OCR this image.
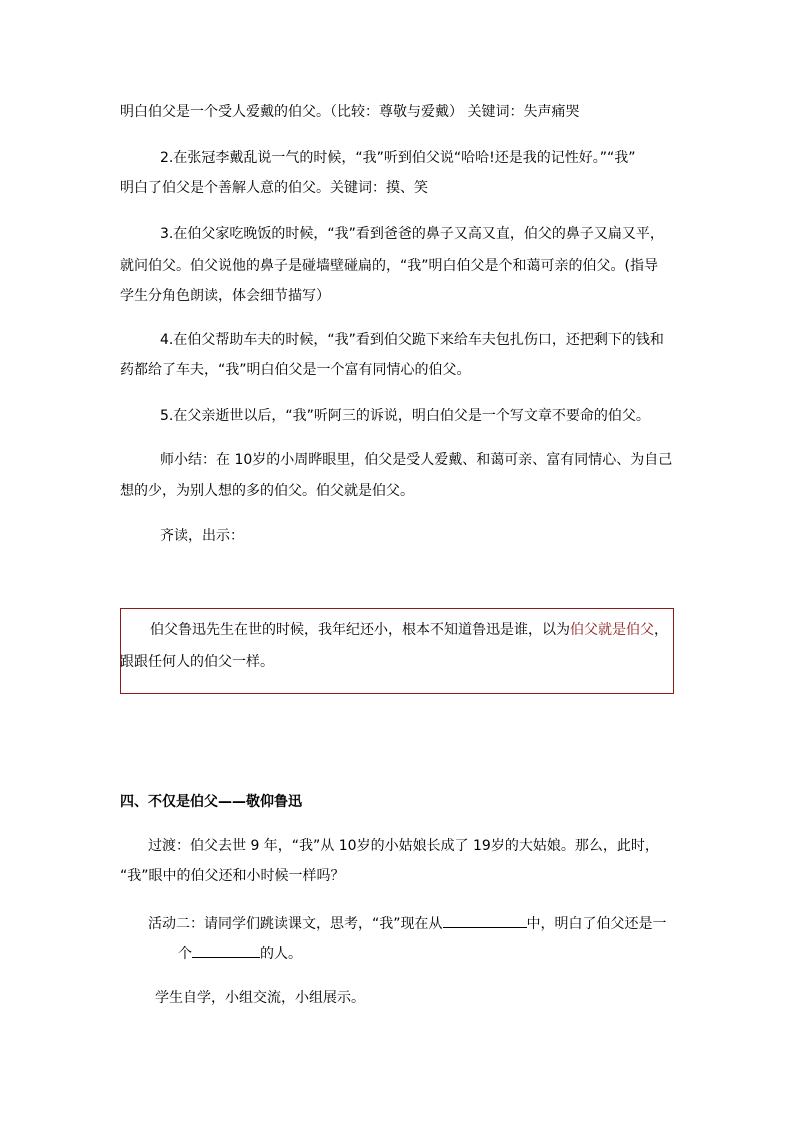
明白伯父是一个受人爱戴的伯父。（比较：尊敬与爱戴） 关键词：失声痛哭
2.在张冠李戴乱说一气的时候，“我”听到伯父说“哈哈!还是我的记性好。”“我”
明白了伯父是个善解人意的伯父。关键词：摸、笑
3.在伯父家吃晚饭的时候，“我”看到爸爸的鼻子又高又直，伯父的鼻子又扁又平，
就问伯父。伯父说他的鼻子是碰墙壁碰扁的，“我”明白伯父是个和蔼可亲的伯父。(指导
学生分角色朗读，体会细节描写）
4.在伯父帮助车夫的时候，“我”看到伯父跪下来给车夫包扎伤口，还把剩下的钱和
药都给了车夫，“我”明白伯父是一个富有同情心的伯父。
5.在父亲逝世以后，“我”听阿三的诉说，明白伯父是一个写文章不要命的伯父。
师小结：在 10岁的小周晔眼里，伯父是受人爱戴、和蔼可亲、富有同情心、为自己
想的少，为别人想的多的伯父。伯父就是伯父。
齐读，出示：
伯父鲁迅先生在世的时候，我年纪还小，根本不知道鲁迅是谁，以为伯父就是伯父，
跟跟任何人的伯父一样。
四、不仅是伯父——敬仰鲁迅
过渡：伯父去世 9 年，“我”从 10岁的小姑娘长成了 19岁的大姑娘。那么，此时，
“我”眼中的伯父还和小时候一样吗？
活动二：请同学们跳读课文，思考，“我”现在从	中，明白了伯父还是一
个	的人。
学生自学，小组交流，小组展示。
